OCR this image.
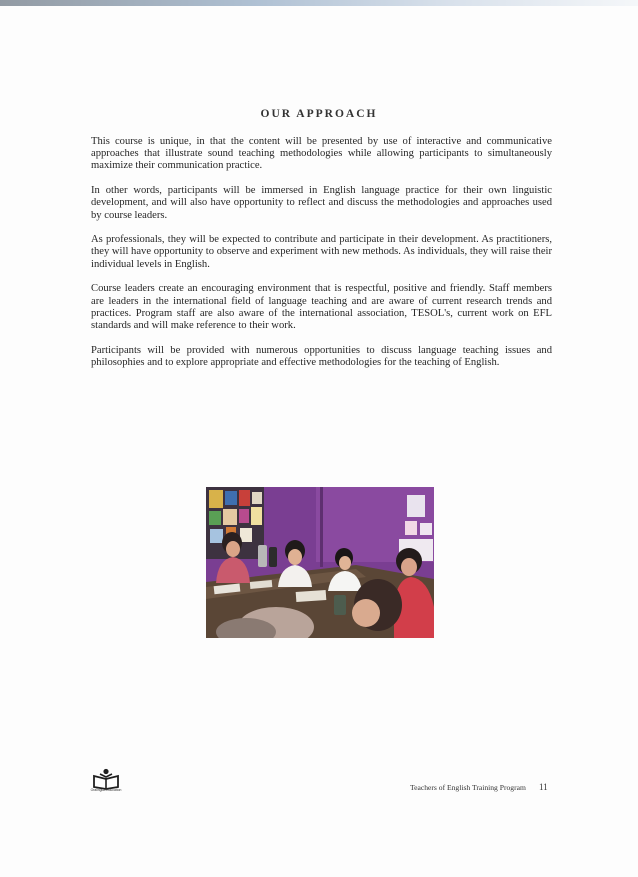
OUR APPROACH

This course is unique, in that the content will be presented by use of interactive and communicative approaches that illustrate sound teaching methodologies while allowing participants to simultaneously maximize their communication practice.

In other words, participants will be immersed in English language practice for their own linguistic development, and will also have opportunity to reflect and discuss the methodologies and approaches used by course leaders.

As professionals, they will be expected to contribute and participate in their development. As practitioners, they will have opportunity to observe and experiment with new methods. As individuals, they will raise their individual levels in English.

Course leaders create an encouraging environment that is respectful, positive and friendly. Staff members are leaders in the international field of language teaching and are aware of current research trends and practices. Program staff are also aware of the international association, TESOL's, current work on EFL standards and will make reference to their work.

Participants will be provided with numerous opportunities to discuss language teaching issues and philosophies and to explore appropriate and effective methodologies for the teaching of English.

Oralingua Education	Teachers of English Training Program 11
